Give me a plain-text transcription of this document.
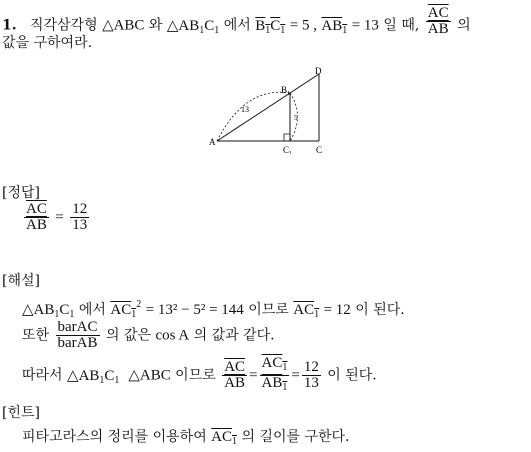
1. 직각삼각형 △ABC 와 $\triangle AB_1C_1$ 에서 $B_1C_1 = 5$ , $AB_1 = 13$ 일 때, $\frac{\overline{AC}}{AB}$ 의
값을 구하여라.
A
C
D
$B_1$
$C_1$
13
5
[정답]
$\frac{\overline{AC}}{AB} = \frac{12}{13}$
[해설]
$\triangle AB_1C_1$ 에서 $AC_1^2 = 13^2 - 5^2 = 144$ 이므로 $AC_1 = 12$ 이 된다.
또한 $\frac{\text{barAC}}{\text{barAB}}$ 의 값은 cos A 의 값과 같다.
따라서 $\triangle AB_1C_1$ △ABC 이므로 $\frac{\overline{AC}}{AB} = \frac{AC_1}{AB_1} = \frac{12}{13}$ 이 된다.
[힌트]
피타고라스의 정리를 이용하여 $AC_1$ 의 길이를 구한다.
